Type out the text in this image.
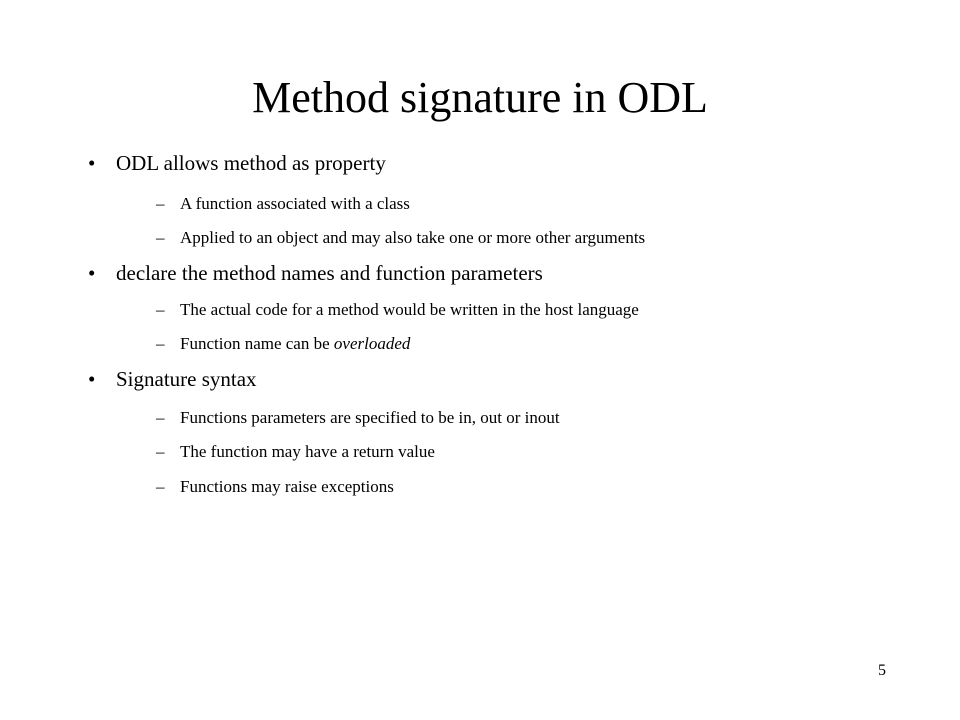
Method signature in ODL
• ODL allows method as property
– A function associated with a class
– Applied to an object and may also take one or more other arguments
• declare the method names and function parameters
– The actual code for a method would be written in the host language
– Function name can be overloaded
• Signature syntax
– Functions parameters are specified to be in, out or inout
– The function may have a return value
– Functions may raise exceptions
5
